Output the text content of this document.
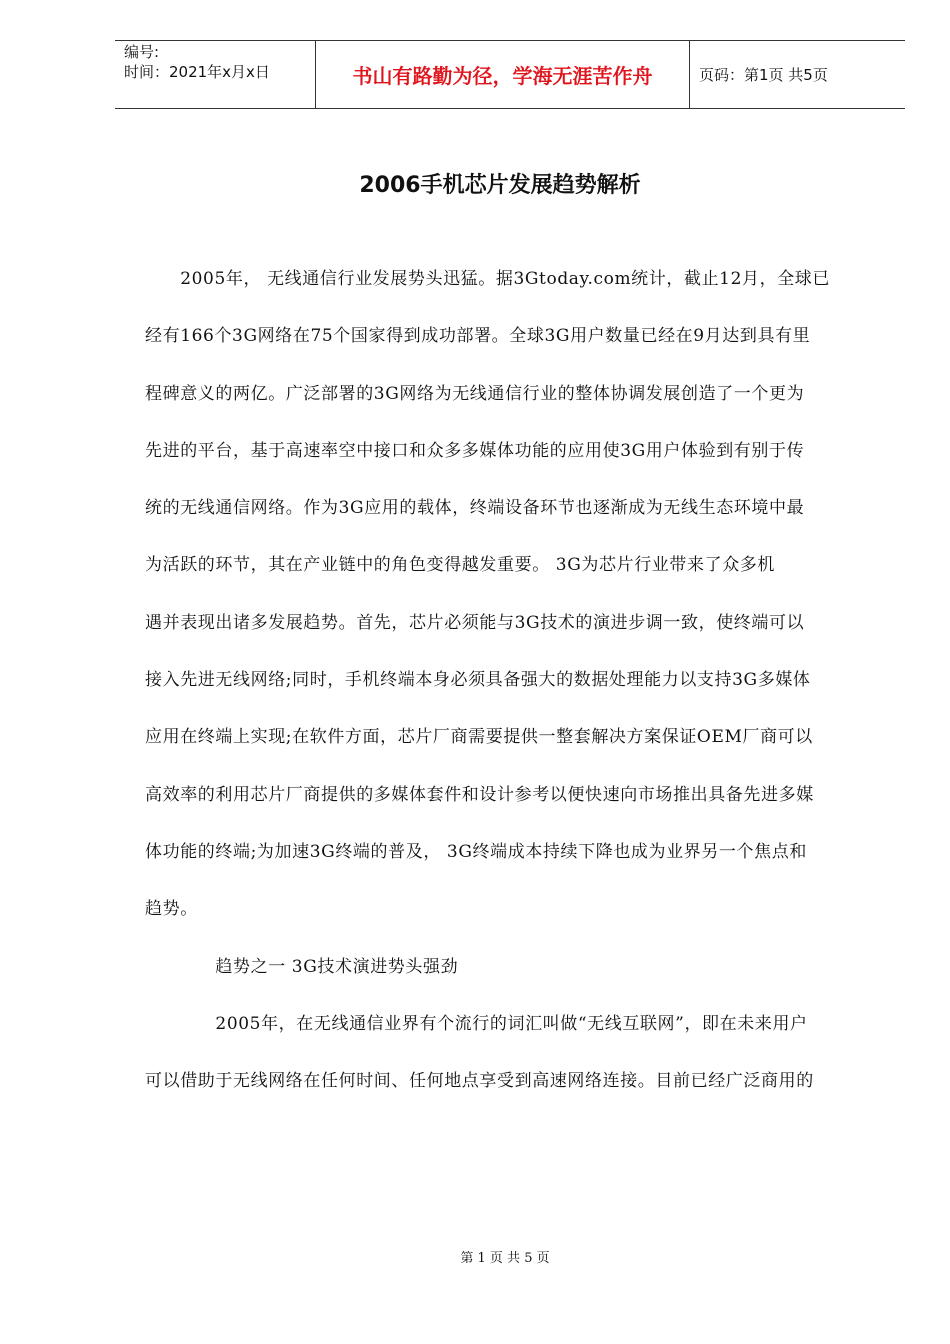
编号:
时间：2021年x月x日	书山有路勤为径，学海无涯苦作舟	页码：第1页 共5页
2006手机芯片发展趋势解析
　　2005年， 无线通信行业发展势头迅猛。据3Gtoday.com统计，截止12月，全球已
经有166个3G网络在75个国家得到成功部署。全球3G用户数量已经在9月达到具有里
程碑意义的两亿。广泛部署的3G网络为无线通信行业的整体协调发展创造了一个更为
先进的平台，基于高速率空中接口和众多多媒体功能的应用使3G用户体验到有别于传
统的无线通信网络。作为3G应用的载体，终端设备环节也逐渐成为无线生态环境中最
为活跃的环节，其在产业链中的角色变得越发重要。 3G为芯片行业带来了众多机
遇并表现出诸多发展趋势。首先，芯片必须能与3G技术的演进步调一致，使终端可以
接入先进无线网络;同时，手机终端本身必须具备强大的数据处理能力以支持3G多媒体
应用在终端上实现;在软件方面，芯片厂商需要提供一整套解决方案保证OEM厂商可以
高效率的利用芯片厂商提供的多媒体套件和设计参考以便快速向市场推出具备先进多媒
体功能的终端;为加速3G终端的普及， 3G终端成本持续下降也成为业界另一个焦点和
趋势。
　　　　趋势之一 3G技术演进势头强劲
　　　　2005年，在无线通信业界有个流行的词汇叫做“无线互联网”，即在未来用户
可以借助于无线网络在任何时间、任何地点享受到高速网络连接。目前已经广泛商用的
第 1 页 共 5 页
